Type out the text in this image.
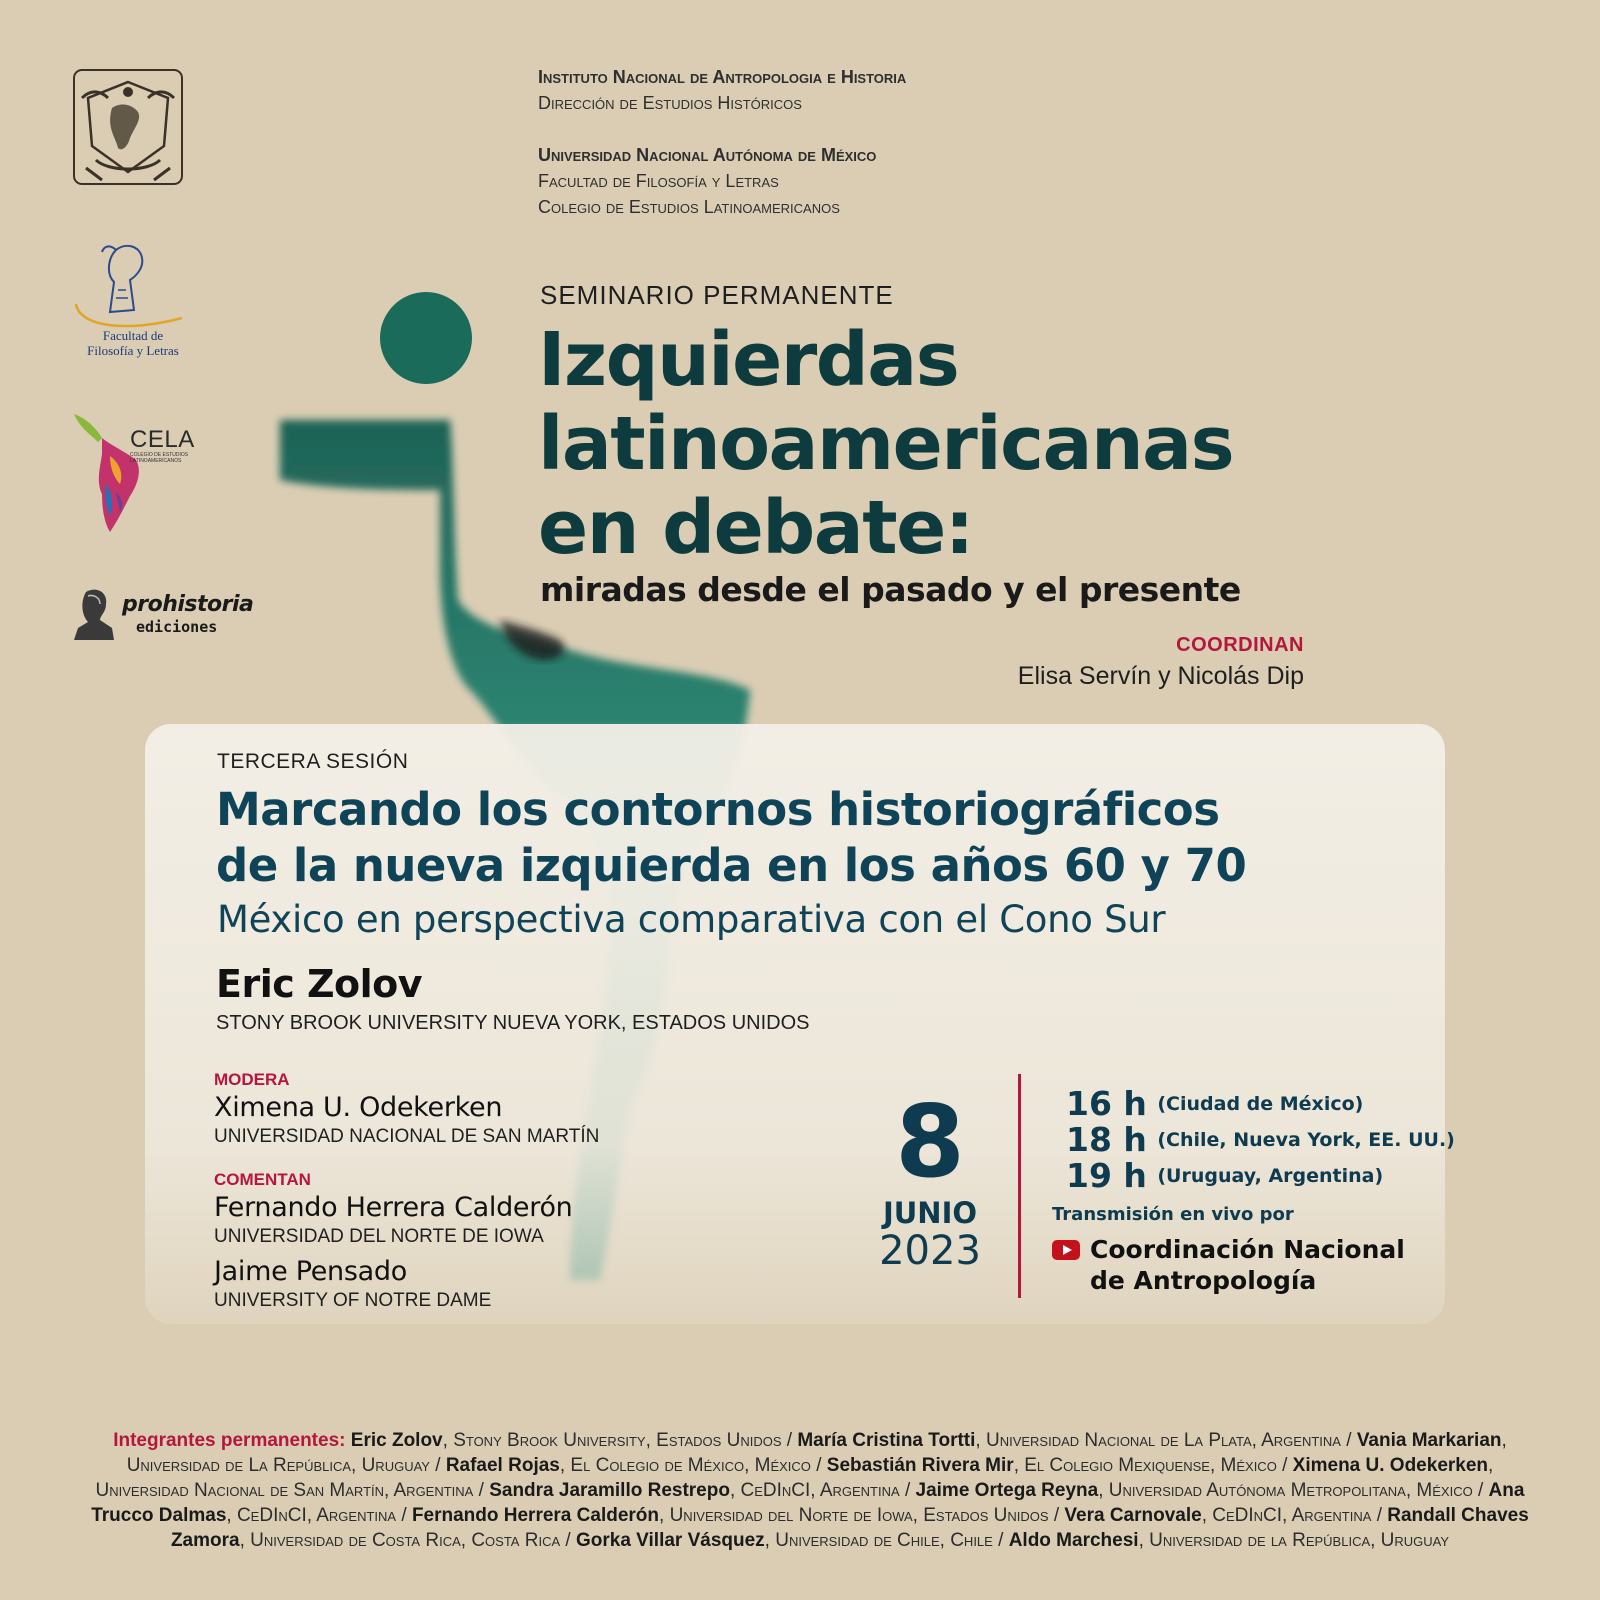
Facultad de
Filosofía y Letras
CELA
COLEGIO DE ESTUDIOS LATINOAMERICANOS
prohistoria
ediciones
Instituto Nacional de Antropologia e Historia
Dirección de Estudios Históricos
Universidad Nacional Autónoma de México
Facultad de Filosofía y Letras
Colegio de Estudios Latinoamericanos
SEMINARIO PERMANENTE
Izquierdas
latinoamericanas
en debate:
miradas desde el pasado y el presente
COORDINAN
Elisa Servín y Nicolás Dip
TERCERA SESIÓN
Marcando los contornos historiográficos
de la nueva izquierda en los años 60 y 70
México en perspectiva comparativa con el Cono Sur
Eric Zolov
STONY BROOK UNIVERSITY NUEVA YORK, ESTADOS UNIDOS
MODERA
Ximena U. Odekerken
UNIVERSIDAD NACIONAL DE SAN MARTÍN
COMENTAN
Fernando Herrera Calderón
UNIVERSIDAD DEL NORTE DE IOWA
Jaime Pensado
UNIVERSITY OF NOTRE DAME
8
JUNIO
2023
16 h (Ciudad de México)
18 h (Chile, Nueva York, EE. UU.)
19 h (Uruguay, Argentina)
Transmisión en vivo por
Coordinación Nacional
de Antropología
Integrantes permanentes: Eric Zolov, Stony Brook University, Estados Unidos / María Cristina Tortti, Universidad Nacional de La Plata, Argentina / Vania Markarian, Universidad de La República, Uruguay / Rafael Rojas, El Colegio de México, México / Sebastián Rivera Mir, El Colegio Mexiquense, México / Ximena U. Odekerken, Universidad Nacional de San Martín, Argentina / Sandra Jaramillo Restrepo, CeDInCI, Argentina / Jaime Ortega Reyna, Universidad Autónoma Metropolitana, México / Ana Trucco Dalmas, CeDInCI, Argentina / Fernando Herrera Calderón, Universidad del Norte de Iowa, Estados Unidos / Vera Carnovale, CeDInCI, Argentina / Randall Chaves Zamora, Universidad de Costa Rica, Costa Rica / Gorka Villar Vásquez, Universidad de Chile, Chile / Aldo Marchesi, Universidad de la República, Uruguay
